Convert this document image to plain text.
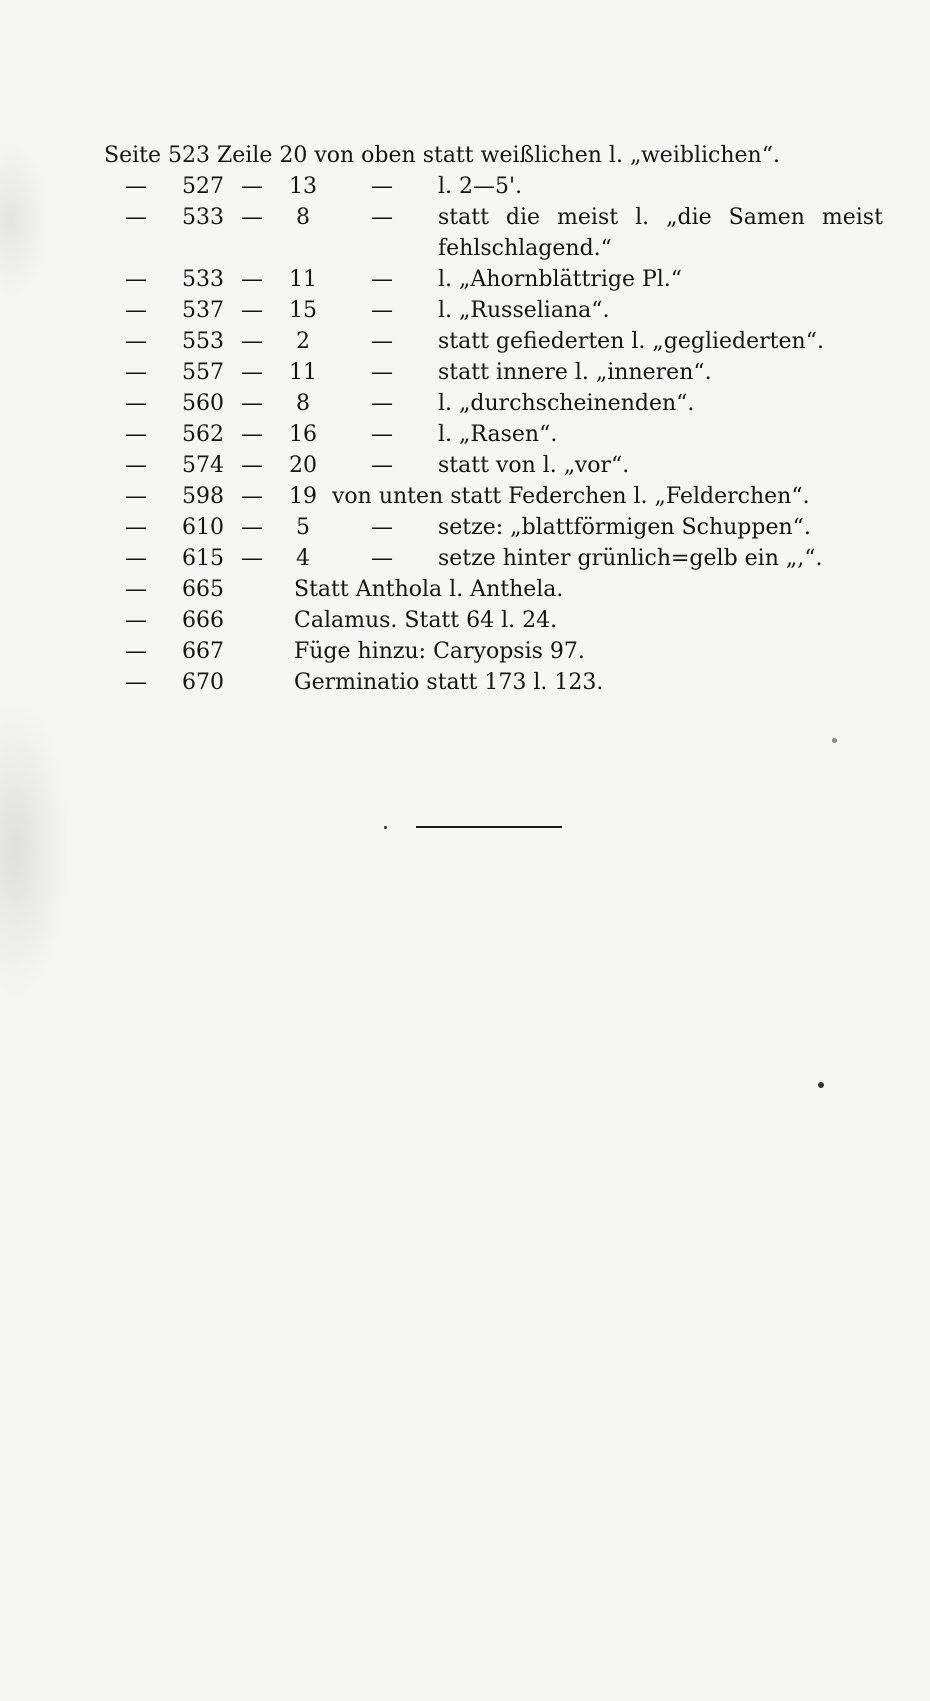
Seite 523 Zeile 20 von oben statt weißlichen l. „weiblichen“.
—	527 —	13	—	l. 2—5'.
—	533 —	8	—	statt die meist l. „die Samen meist
fehlschlagend.“
—	533 —	11	—	l. „Ahornblättrige Pl.“
—	537 —	15	—	l. „Russeliana“.
—	553 —	2	—	statt gefiederten l. „gegliederten“.
—	557 —	11	—	statt innere l. „inneren“.
—	560 —	8	—	l. „durchscheinenden“.
—	562 —	16	—	l. „Rasen“.
—	574 —	20	—	statt von l. „vor“.
—	598 —	19 von unten statt Federchen l. „Felderchen“.
—	610 —	5	—	setze: „blattförmigen Schuppen“.
—	615 —	4	—	setze hinter grünlich=gelb ein „,“.
—	665	Statt Anthola l. Anthela.
—	666	Calamus. Statt 64 l. 24.
—	667	Füge hinzu: Caryopsis 97.
—	670	Germinatio statt 173 l. 123.
